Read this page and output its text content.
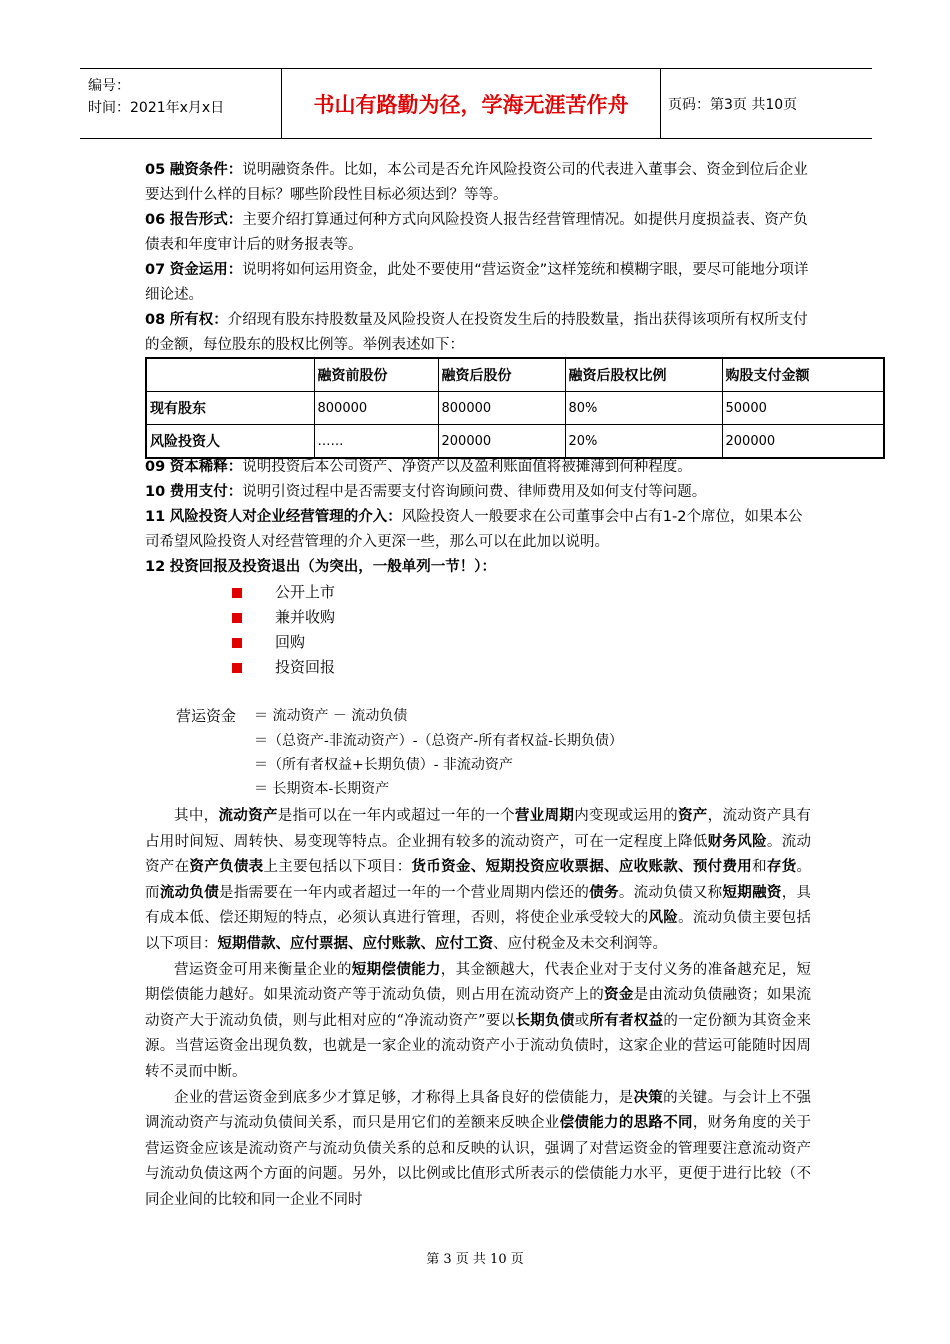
编号：
时间：2021年x月x日	书山有路勤为径，学海无涯苦作舟	页码：第3页 共10页
05 融资条件：说明融资条件。比如，本公司是否允许风险投资公司的代表进入董事会、资金到位后企业要达到什么样的目标？哪些阶段性目标必须达到？等等。
06 报告形式：主要介绍打算通过何种方式向风险投资人报告经营管理情况。如提供月度损益表、资产负债表和年度审计后的财务报表等。
07 资金运用：说明将如何运用资金，此处不要使用“营运资金”这样笼统和模糊字眼，要尽可能地分项详细论述。
08 所有权：介绍现有股东持股数量及风险投资人在投资发生后的持股数量，指出获得该项所有权所支付的金额，每位股东的股权比例等。举例表述如下：
	融资前股份	融资后股份	融资后股权比例	购股支付金额
现有股东	800000	800000	80%	50000
风险投资人	……	200000	20%	200000
09 资本稀释：说明投资后本公司资产、净资产以及盈利账面值将被摊薄到何种程度。
10 费用支付：说明引资过程中是否需要支付咨询顾问费、律师费用及如何支付等问题。
11 风险投资人对企业经营管理的介入：风险投资人一般要求在公司董事会中占有1-2个席位，如果本公司希望风险投资人对经营管理的介入更深一些，那么可以在此加以说明。
12 投资回报及投资退出（为突出，一般单列一节！）：
公开上市
兼并收购
回购
投资回报
营运资金 ＝ 流动资产 － 流动负债
＝（总资产-非流动资产）-（总资产-所有者权益-长期负债）
＝（所有者权益+长期负债）- 非流动资产
＝ 长期资本-长期资产

其中，流动资产是指可以在一年内或超过一年的一个营业周期内变现或运用的资产，流动资产具有占用时间短、周转快、易变现等特点。企业拥有较多的流动资产，可在一定程度上降低财务风险。流动资产在资产负债表上主要包括以下项目：货币资金、短期投资应收票据、应收账款、预付费用和存货。而流动负债是指需要在一年内或者超过一年的一个营业周期内偿还的债务。流动负债又称短期融资，具有成本低、偿还期短的特点，必须认真进行管理，否则，将使企业承受较大的风险。流动负债主要包括以下项目：短期借款、应付票据、应付账款、应付工资、应付税金及未交利润等。

营运资金可用来衡量企业的短期偿债能力，其金额越大，代表企业对于支付义务的准备越充足，短期偿债能力越好。如果流动资产等于流动负债，则占用在流动资产上的资金是由流动负债融资；如果流动资产大于流动负债，则与此相对应的“净流动资产”要以长期负债或所有者权益的一定份额为其资金来源。当营运资金出现负数，也就是一家企业的流动资产小于流动负债时，这家企业的营运可能随时因周转不灵而中断。

企业的营运资金到底多少才算足够，才称得上具备良好的偿债能力，是决策的关键。与会计上不强调流动资产与流动负债间关系，而只是用它们的差额来反映企业偿债能力的思路不同，财务角度的关于营运资金应该是流动资产与流动负债关系的总和反映的认识，强调了对营运资金的管理要注意流动资产与流动负债这两个方面的问题。另外，以比例或比值形式所表示的偿债能力水平，更便于进行比较（不同企业间的比较和同一企业不同时

第 3 页 共 10 页
